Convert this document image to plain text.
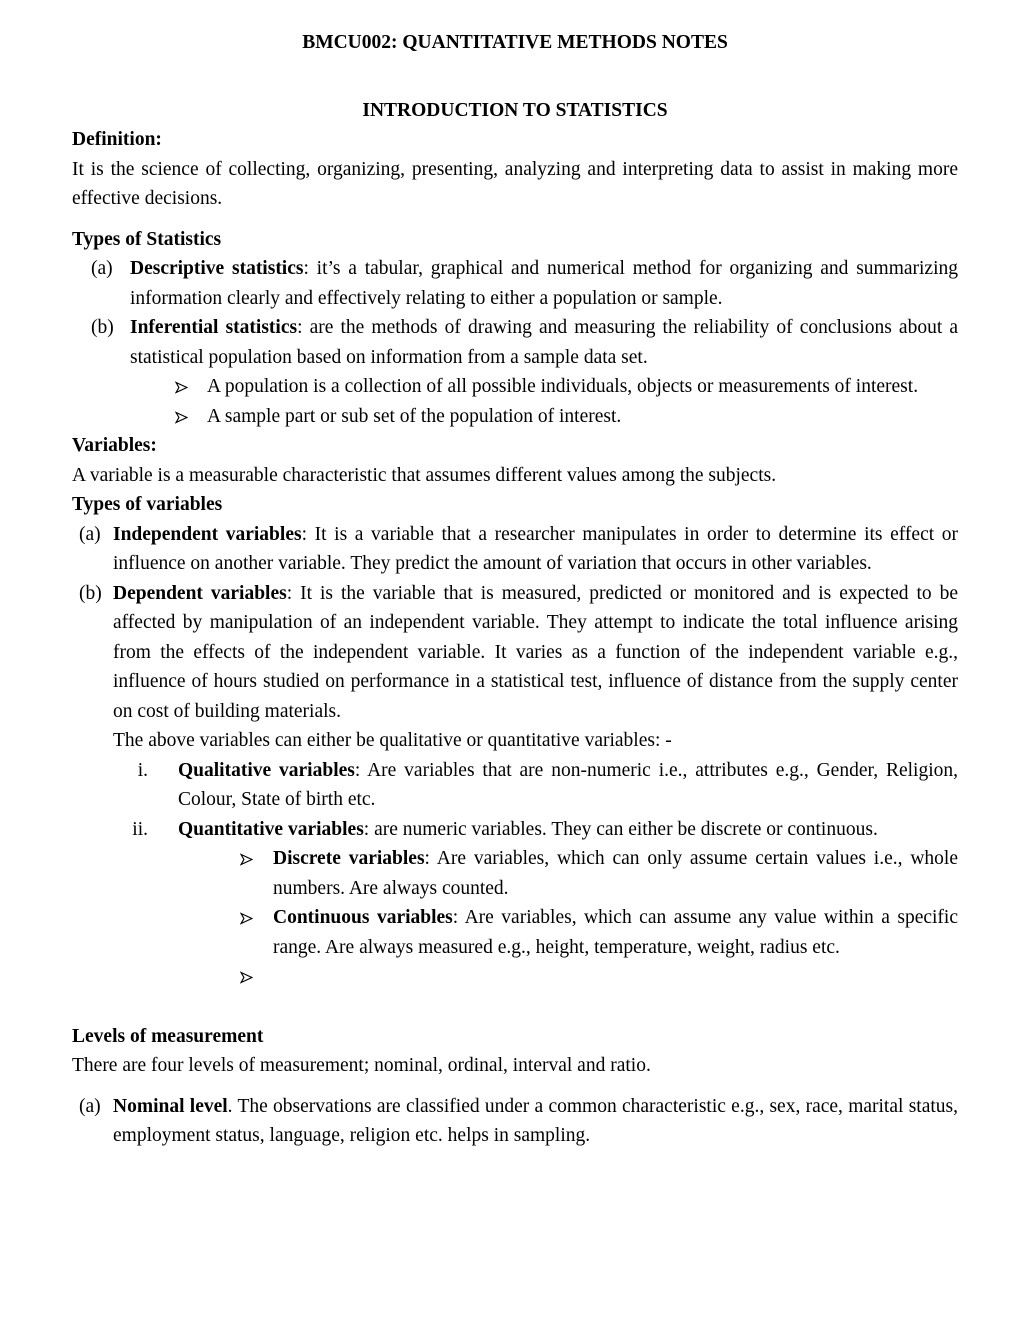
BMCU002: QUANTITATIVE METHODS NOTES
INTRODUCTION TO STATISTICS
Definition:

It is the science of collecting, organizing, presenting, analyzing and interpreting data to assist in making more effective decisions.

Types of Statistics
(a) Descriptive statistics: it’s a tabular, graphical and numerical method for organizing and summarizing information clearly and effectively relating to either a population or sample.
(b) Inferential statistics: are the methods of drawing and measuring the reliability of conclusions about a statistical population based on information from a sample data set.
A population is a collection of all possible individuals, objects or measurements of interest.
A sample part or sub set of the population of interest.
Variables:

A variable is a measurable characteristic that assumes different values among the subjects.

Types of variables
(a) Independent variables: It is a variable that a researcher manipulates in order to determine its effect or influence on another variable. They predict the amount of variation that occurs in other variables.
(b) Dependent variables: It is the variable that is measured, predicted or monitored and is expected to be affected by manipulation of an independent variable. They attempt to indicate the total influence arising from the effects of the independent variable. It varies as a function of the independent variable e.g., influence of hours studied on performance in a statistical test, influence of distance from the supply center on cost of building materials.
The above variables can either be qualitative or quantitative variables: -
i. Qualitative variables: Are variables that are non-numeric i.e., attributes e.g., Gender, Religion, Colour, State of birth etc.
ii. Quantitative variables: are numeric variables. They can either be discrete or continuous.
Discrete variables: Are variables, which can only assume certain values i.e., whole numbers. Are always counted.
Continuous variables: Are variables, which can assume any value within a specific range. Are always measured e.g., height, temperature, weight, radius etc.

Levels of measurement

There are four levels of measurement; nominal, ordinal, interval and ratio.

(a) Nominal level. The observations are classified under a common characteristic e.g., sex, race, marital status, employment status, language, religion etc. helps in sampling.
